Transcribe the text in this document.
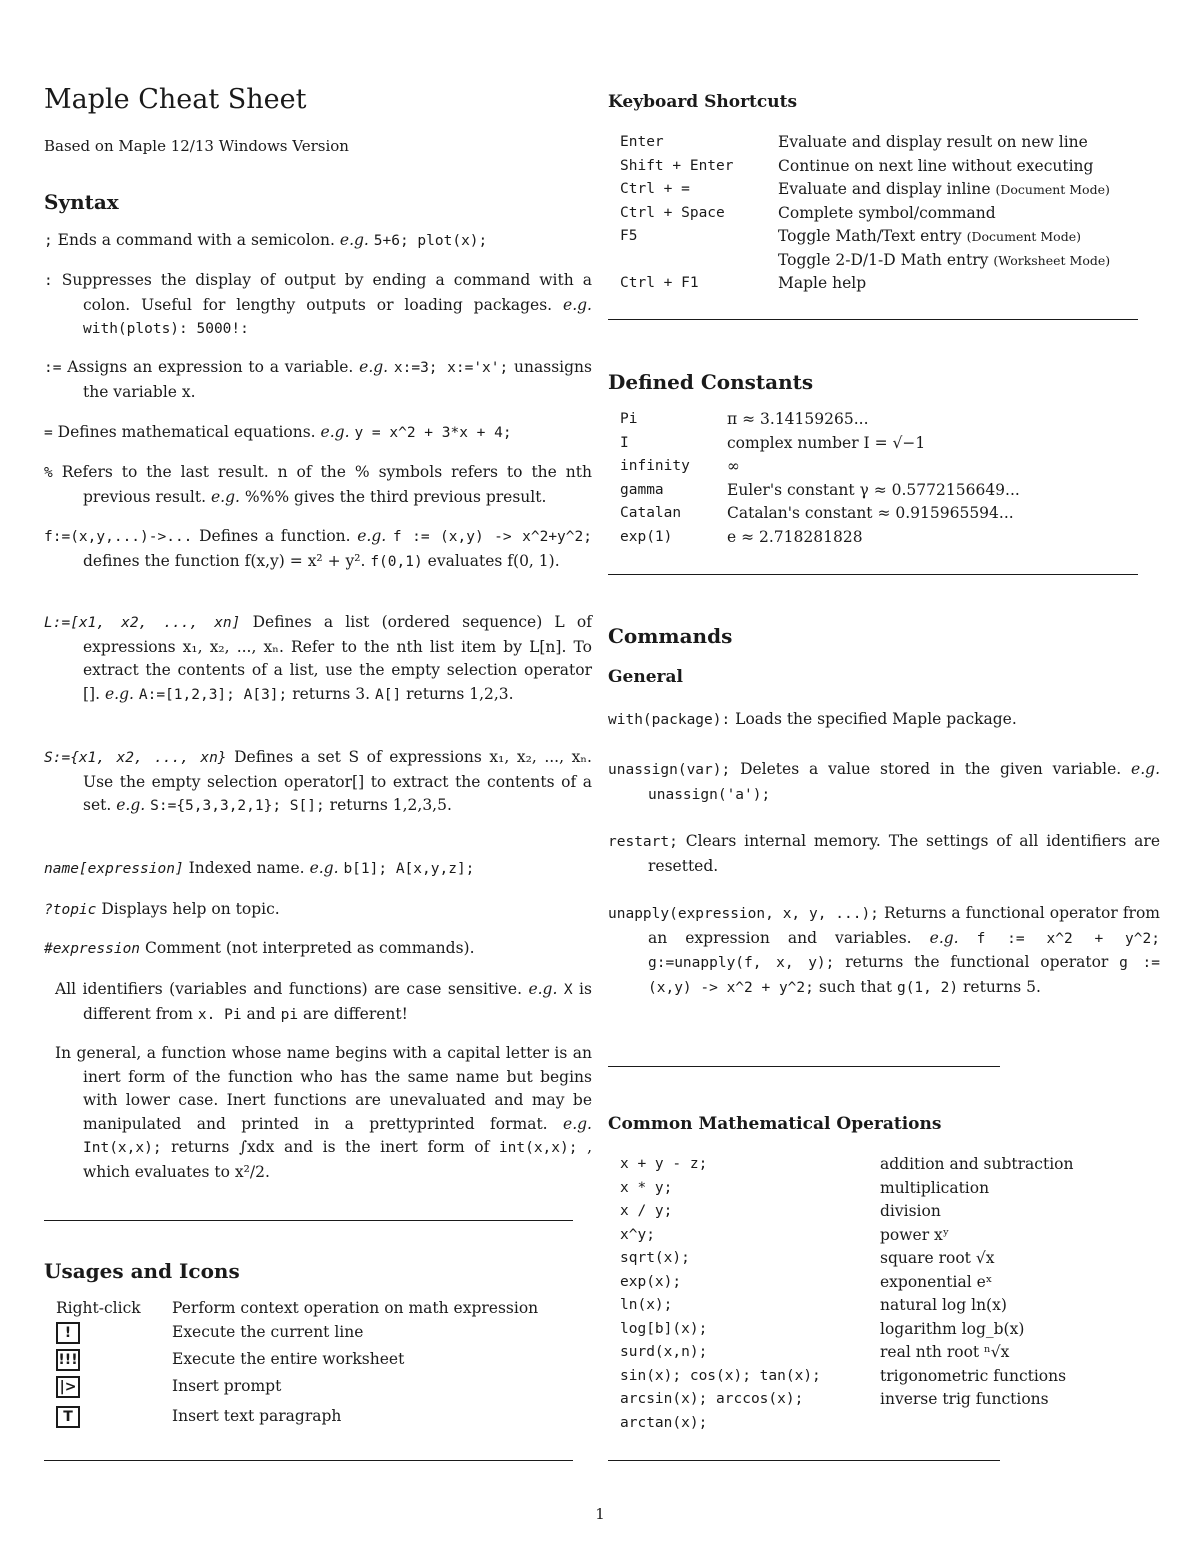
Maple Cheat Sheet
Based on Maple 12/13 Windows Version
Syntax
; Ends a command with a semicolon. e.g. 5+6; plot(x);
: Suppresses the display of output by ending a command with a colon. Useful for lengthy outputs or loading packages. e.g. with(plots): 5000!:
:= Assigns an expression to a variable. e.g. x:=3; x:='x'; unassigns the variable x.
= Defines mathematical equations. e.g. y = x^2 + 3*x + 4;
% Refers to the last result. n of the % symbols refers to the nth previous result. e.g. %%% gives the third previous presult.
f:=(x,y,...)->... Defines a function. e.g. f := (x,y) -> x^2+y^2; defines the function f(x,y) = x² + y². f(0,1) evaluates f(0, 1).
L:=[x1, x2, ..., xn] Defines a list (ordered sequence) L of expressions x₁, x₂, ..., xₙ. Refer to the nth list item by L[n]. To extract the contents of a list, use the empty selection operator []. e.g. A:=[1,2,3]; A[3]; returns 3. A[] returns 1,2,3.
S:={x1, x2, ..., xn} Defines a set S of expressions x₁, x₂, ..., xₙ. Use the empty selection operator[] to extract the contents of a set. e.g. S:={5,3,3,2,1}; S[]; returns 1,2,3,5.
name[expression] Indexed name. e.g. b[1]; A[x,y,z];
?topic Displays help on topic.
#expression Comment (not interpreted as commands).
All identifiers (variables and functions) are case sensitive. e.g. X is different from x. Pi and pi are different!
In general, a function whose name begins with a capital letter is an inert form of the function who has the same name but begins with lower case. Inert functions are unevaluated and may be manipulated and printed in a prettyprinted format. e.g. Int(x,x); returns ∫xdx and is the inert form of int(x,x); , which evaluates to x²/2.
Usages and Icons
Right-click	Perform context operation on math expression
!	Execute the current line
!!!	Execute the entire worksheet
|>	Insert prompt
T	Insert text paragraph
Keyboard Shortcuts
Enter	Evaluate and display result on new line
Shift + Enter	Continue on next line without executing
Ctrl + =	Evaluate and display inline (Document Mode)
Ctrl + Space	Complete symbol/command
F5	Toggle Math/Text entry (Document Mode)
	Toggle 2-D/1-D Math entry (Worksheet Mode)
Ctrl + F1	Maple help
Defined Constants
Pi	π ≈ 3.14159265...
I	complex number I = √−1
infinity	∞
gamma	Euler's constant γ ≈ 0.5772156649...
Catalan	Catalan's constant ≈ 0.915965594...
exp(1)	e ≈ 2.718281828
Commands
General
with(package): Loads the specified Maple package.
unassign(var); Deletes a value stored in the given variable. e.g. unassign('a');
restart; Clears internal memory. The settings of all identifiers are resetted.
unapply(expression, x, y, ...); Returns a functional operator from an expression and variables. e.g. f := x^2 + y^2; g:=unapply(f, x, y); returns the functional operator g := (x,y) -> x^2 + y^2; such that g(1, 2) returns 5.
Common Mathematical Operations
x + y - z;	addition and subtraction
x * y;	multiplication
x / y;	division
x^y;	power xʸ
sqrt(x);	square root √x
exp(x);	exponential eˣ
ln(x);	natural log ln(x)
log[b](x);	logarithm log_b(x)
surd(x,n);	real nth root ⁿ√x
sin(x); cos(x); tan(x);	trigonometric functions
arcsin(x); arccos(x);	inverse trig functions
arctan(x);	
1
